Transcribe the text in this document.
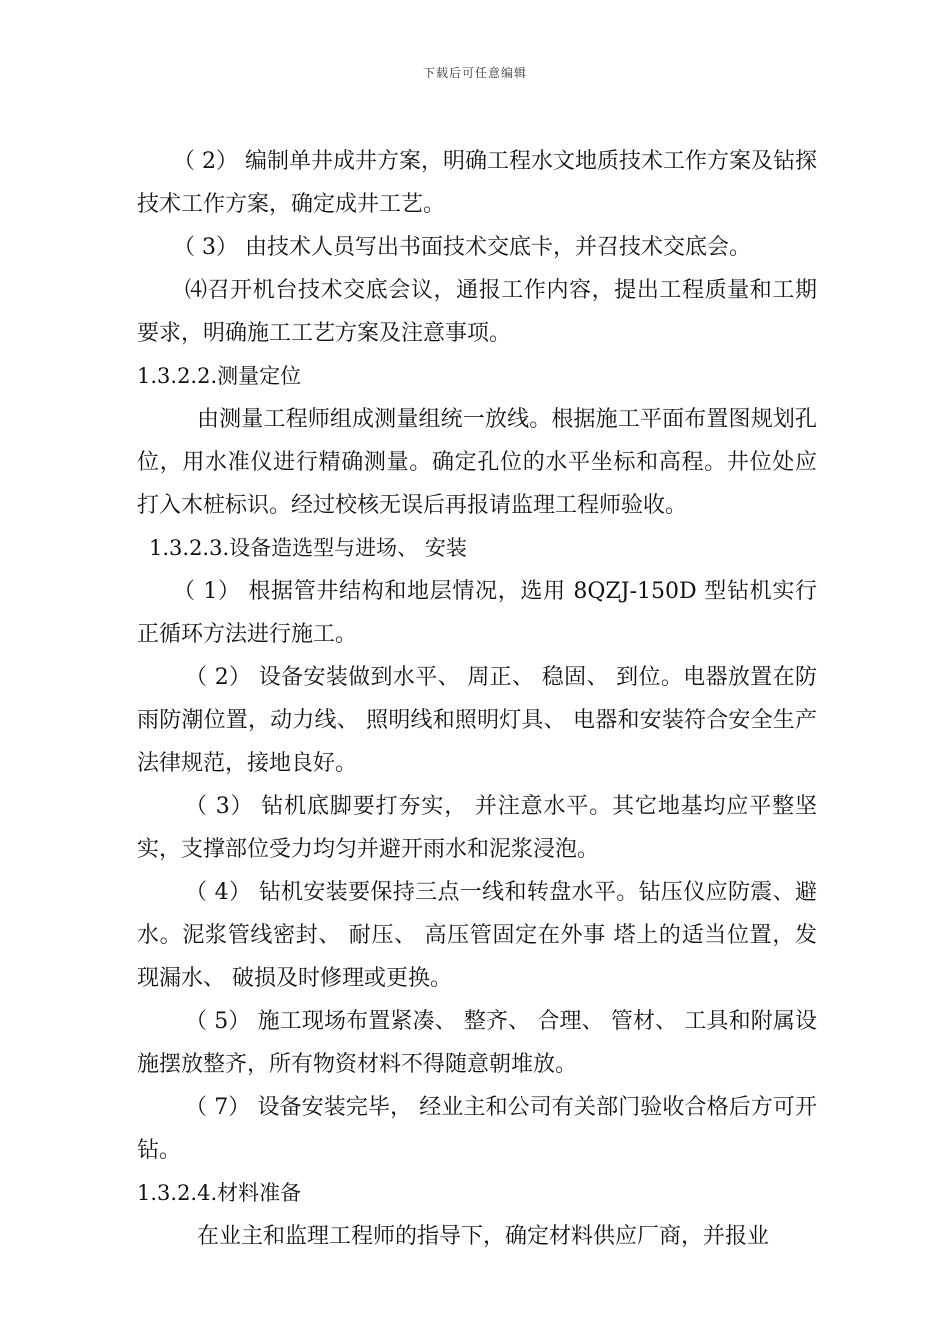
下载后可任意编辑

（ 2） 编制单井成井方案，明确工程水文地质技术工作方案及钻探技术工作方案，确定成井工艺。

（ 3） 由技术人员写出书面技术交底卡，并召技术交底会。

⑷召开机台技术交底会议，通报工作内容，提出工程质量和工期要求，明确施工工艺方案及注意事项。

1.3.2.2.测量定位

由测量工程师组成测量组统一放线。根据施工平面布置图规划孔位，用水准仪进行精确测量。确定孔位的水平坐标和高程。井位处应打入木桩标识。经过校核无误后再报请监理工程师验收。

1.3.2.3.设备造选型与进场、 安装

（ 1） 根据管井结构和地层情况，选用 8QZJ-150D 型钻机实行正循环方法进行施工。

（ 2） 设备安装做到水平、 周正、 稳固、 到位。电器放置在防雨防潮位置，动力线、 照明线和照明灯具、 电器和安装符合安全生产法律规范，接地良好。

（ 3） 钻机底脚要打夯实， 并注意水平。其它地基均应平整坚实，支撑部位受力均匀并避开雨水和泥浆浸泡。

（ 4） 钻机安装要保持三点一线和转盘水平。钻压仪应防震、避水。泥浆管线密封、 耐压、 高压管固定在外事 塔上的适当位置，发现漏水、 破损及时修理或更换。

（ 5） 施工现场布置紧凑、 整齐、 合理、 管材、 工具和附属设施摆放整齐，所有物资材料不得随意朝堆放。

（ 7） 设备安装完毕， 经业主和公司有关部门验收合格后方可开钻。

1.3.2.4.材料准备

在业主和监理工程师的指导下，确定材料供应厂商，并报业
